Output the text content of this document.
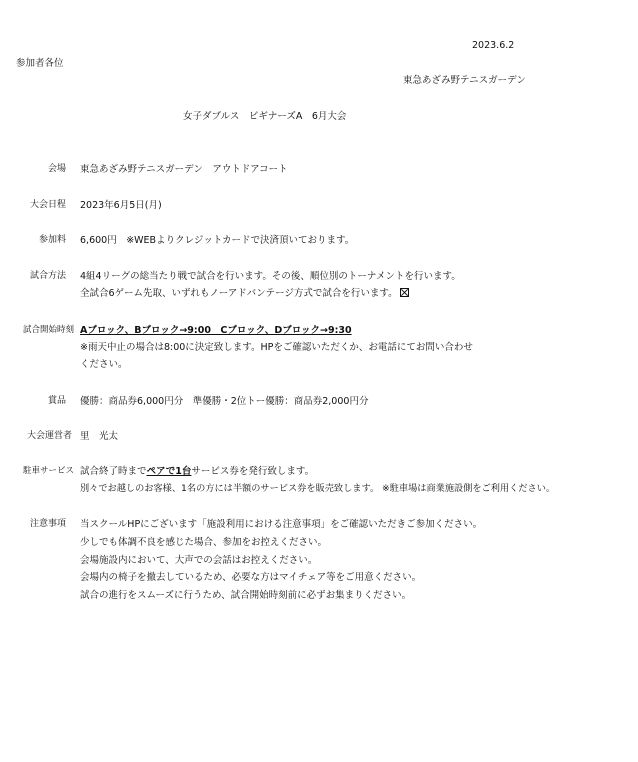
2023.6.2
参加者各位
東急あざみ野テニスガーデン
女子ダブルス　ビギナーズA　6月大会
会場 東急あざみ野テニスガーデン　アウトドアコート
大会日程 2023年6月5日(月)
参加料 6,600円　※WEBよりクレジットカードで決済頂いております。
試合方法 4組4リーグの総当たり戦で試合を行います。その後、順位別のトーナメントを行います。
全試合6ゲーム先取、いずれもノーアドバンテージ方式で試合を行います。
試合開始時刻 Aブロック、Bブロック→9:00　Cブロック、Dブロック→9:30
※雨天中止の場合は8:00に決定致します。HPをご確認いただくか、お電話にてお問い合わせ
ください。
賞品 優勝：商品券6,000円分　準優勝・2位トー優勝：商品券2,000円分
大会運営者 里　光太
駐車サービス 試合終了時までペアで1台サービス券を発行致します。
別々でお越しのお客様、1名の方には半額のサービス券を販売致します。 ※駐車場は商業施設側をご利用ください。
注意事項 当スクールHPにございます「施設利用における注意事項」をご確認いただきご参加ください。
少しでも体調不良を感じた場合、参加をお控えください。
会場施設内において、大声での会話はお控えください。
会場内の椅子を撤去しているため、必要な方はマイチェア等をご用意ください。
試合の進行をスムーズに行うため、試合開始時刻前に必ずお集まりください。
